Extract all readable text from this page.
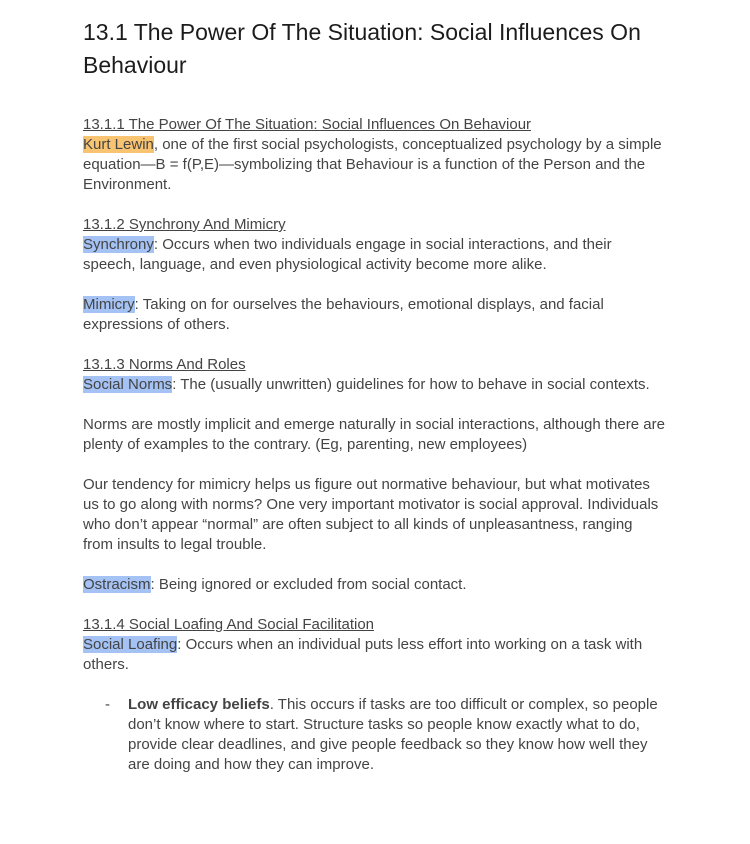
13.1 The Power Of The Situation: Social Influences On Behaviour
13.1.1 The Power Of The Situation: Social Influences On Behaviour
Kurt Lewin, one of the first social psychologists, conceptualized psychology by a simple equation—B = f(P,E)—symbolizing that Behaviour is a function of the Person and the Environment.
13.1.2 Synchrony And Mimicry
Synchrony: Occurs when two individuals engage in social interactions, and their speech, language, and even physiological activity become more alike.
Mimicry: Taking on for ourselves the behaviours, emotional displays, and facial expressions of others.
13.1.3 Norms And Roles
Social Norms: The (usually unwritten) guidelines for how to behave in social contexts.
Norms are mostly implicit and emerge naturally in social interactions, although there are plenty of examples to the contrary. (Eg, parenting, new employees)
Our tendency for mimicry helps us figure out normative behaviour, but what motivates us to go along with norms? One very important motivator is social approval. Individuals who don’t appear “normal” are often subject to all kinds of unpleasantness, ranging from insults to legal trouble.
Ostracism: Being ignored or excluded from social contact.
13.1.4 Social Loafing And Social Facilitation
Social Loafing: Occurs when an individual puts less effort into working on a task with others.
-	Low efficacy beliefs. This occurs if tasks are too difficult or complex, so people don’t know where to start. Structure tasks so people know exactly what to do, provide clear deadlines, and give people feedback so they know how well they are doing and how they can improve.
